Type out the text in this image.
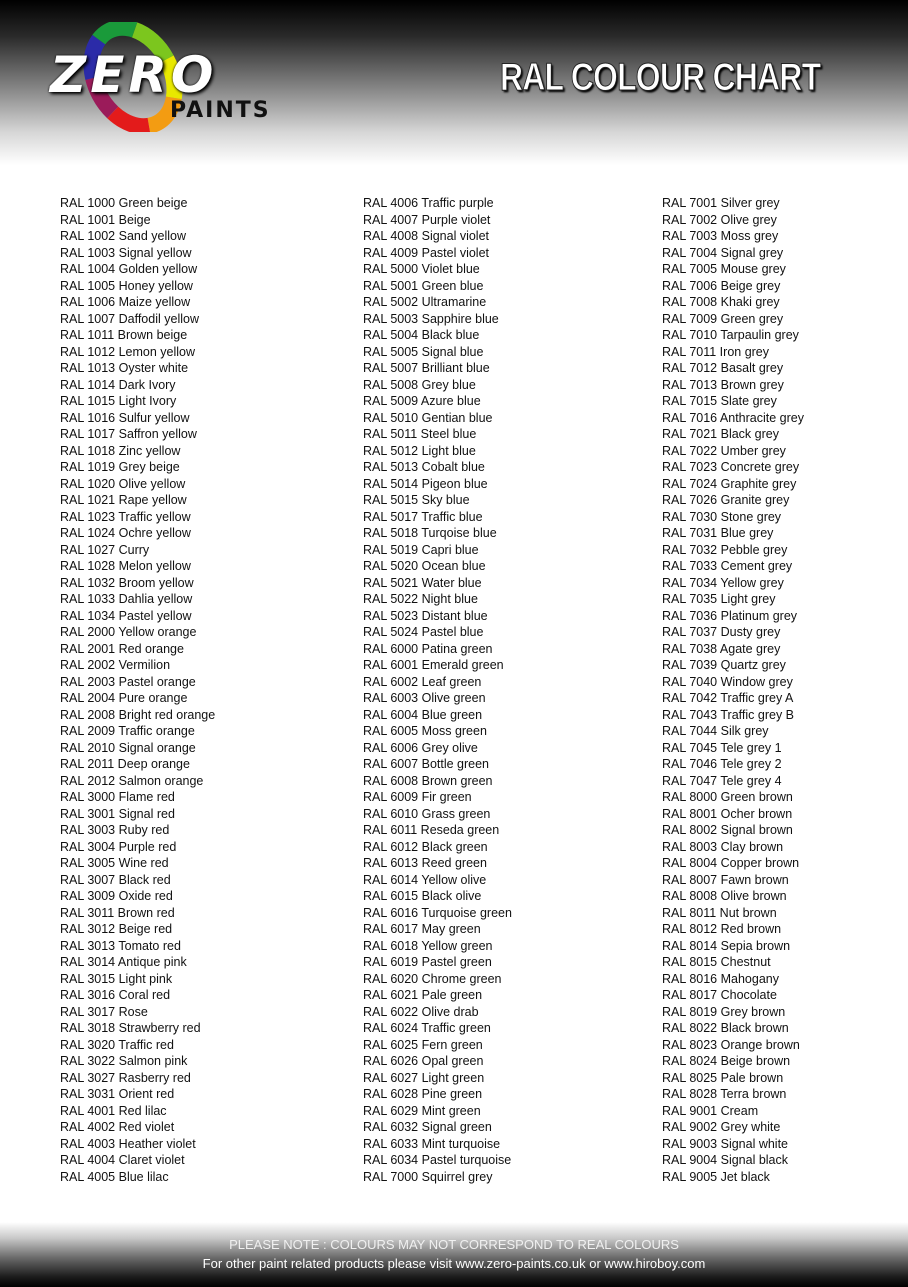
ZERO
PAINTS
RAL COLOUR CHART
RAL 1000 Green beige
RAL 1001 Beige
RAL 1002 Sand yellow
RAL 1003 Signal yellow
RAL 1004 Golden yellow
RAL 1005 Honey yellow
RAL 1006 Maize yellow
RAL 1007 Daffodil yellow
RAL 1011 Brown beige
RAL 1012 Lemon yellow
RAL 1013 Oyster white
RAL 1014 Dark Ivory
RAL 1015 Light Ivory
RAL 1016 Sulfur yellow
RAL 1017 Saffron yellow
RAL 1018 Zinc yellow
RAL 1019 Grey beige
RAL 1020 Olive yellow
RAL 1021 Rape yellow
RAL 1023 Traffic yellow
RAL 1024 Ochre yellow
RAL 1027 Curry
RAL 1028 Melon yellow
RAL 1032 Broom yellow
RAL 1033 Dahlia yellow
RAL 1034 Pastel yellow
RAL 2000 Yellow orange
RAL 2001 Red orange
RAL 2002 Vermilion
RAL 2003 Pastel orange
RAL 2004 Pure orange
RAL 2008 Bright red orange
RAL 2009 Traffic orange
RAL 2010 Signal orange
RAL 2011 Deep orange
RAL 2012 Salmon orange
RAL 3000 Flame red
RAL 3001 Signal red
RAL 3003 Ruby red
RAL 3004 Purple red
RAL 3005 Wine red
RAL 3007 Black red
RAL 3009 Oxide red
RAL 3011 Brown red
RAL 3012 Beige red
RAL 3013 Tomato red
RAL 3014 Antique pink
RAL 3015 Light pink
RAL 3016 Coral red
RAL 3017 Rose
RAL 3018 Strawberry red
RAL 3020 Traffic red
RAL 3022 Salmon pink
RAL 3027 Rasberry red
RAL 3031 Orient red
RAL 4001 Red lilac
RAL 4002 Red violet
RAL 4003 Heather violet
RAL 4004 Claret violet
RAL 4005 Blue lilac
RAL 4006 Traffic purple
RAL 4007 Purple violet
RAL 4008 Signal violet
RAL 4009 Pastel violet
RAL 5000 Violet blue
RAL 5001 Green blue
RAL 5002 Ultramarine
RAL 5003 Sapphire blue
RAL 5004 Black blue
RAL 5005 Signal blue
RAL 5007 Brilliant blue
RAL 5008 Grey blue
RAL 5009 Azure blue
RAL 5010 Gentian blue
RAL 5011 Steel blue
RAL 5012 Light blue
RAL 5013 Cobalt blue
RAL 5014 Pigeon blue
RAL 5015 Sky blue
RAL 5017 Traffic blue
RAL 5018 Turqoise blue
RAL 5019 Capri blue
RAL 5020 Ocean blue
RAL 5021 Water blue
RAL 5022 Night blue
RAL 5023 Distant blue
RAL 5024 Pastel blue
RAL 6000 Patina green
RAL 6001 Emerald green
RAL 6002 Leaf green
RAL 6003 Olive green
RAL 6004 Blue green
RAL 6005 Moss green
RAL 6006 Grey olive
RAL 6007 Bottle green
RAL 6008 Brown green
RAL 6009 Fir green
RAL 6010 Grass green
RAL 6011 Reseda green
RAL 6012 Black green
RAL 6013 Reed green
RAL 6014 Yellow olive
RAL 6015 Black olive
RAL 6016 Turquoise green
RAL 6017 May green
RAL 6018 Yellow green
RAL 6019 Pastel green
RAL 6020 Chrome green
RAL 6021 Pale green
RAL 6022 Olive drab
RAL 6024 Traffic green
RAL 6025 Fern green
RAL 6026 Opal green
RAL 6027 Light green
RAL 6028 Pine green
RAL 6029 Mint green
RAL 6032 Signal green
RAL 6033 Mint turquoise
RAL 6034 Pastel turquoise
RAL 7000 Squirrel grey
RAL 7001 Silver grey
RAL 7002 Olive grey
RAL 7003 Moss grey
RAL 7004 Signal grey
RAL 7005 Mouse grey
RAL 7006 Beige grey
RAL 7008 Khaki grey
RAL 7009 Green grey
RAL 7010 Tarpaulin grey
RAL 7011 Iron grey
RAL 7012 Basalt grey
RAL 7013 Brown grey
RAL 7015 Slate grey
RAL 7016 Anthracite grey
RAL 7021 Black grey
RAL 7022 Umber grey
RAL 7023 Concrete grey
RAL 7024 Graphite grey
RAL 7026 Granite grey
RAL 7030 Stone grey
RAL 7031 Blue grey
RAL 7032 Pebble grey
RAL 7033 Cement grey
RAL 7034 Yellow grey
RAL 7035 Light grey
RAL 7036 Platinum grey
RAL 7037 Dusty grey
RAL 7038 Agate grey
RAL 7039 Quartz grey
RAL 7040 Window grey
RAL 7042 Traffic grey A
RAL 7043 Traffic grey B
RAL 7044 Silk grey
RAL 7045 Tele grey 1
RAL 7046 Tele grey 2
RAL 7047 Tele grey 4
RAL 8000 Green brown
RAL 8001 Ocher brown
RAL 8002 Signal brown
RAL 8003 Clay brown
RAL 8004 Copper brown
RAL 8007 Fawn brown
RAL 8008 Olive brown
RAL 8011 Nut brown
RAL 8012 Red brown
RAL 8014 Sepia brown
RAL 8015 Chestnut
RAL 8016 Mahogany
RAL 8017 Chocolate
RAL 8019 Grey brown
RAL 8022 Black brown
RAL 8023 Orange brown
RAL 8024 Beige brown
RAL 8025 Pale brown
RAL 8028 Terra brown
RAL 9001 Cream
RAL 9002 Grey white
RAL 9003 Signal white
RAL 9004 Signal black
RAL 9005 Jet black
PLEASE NOTE : COLOURS MAY NOT CORRESPOND TO REAL COLOURS
For other paint related products please visit www.zero-paints.co.uk or www.hiroboy.com
